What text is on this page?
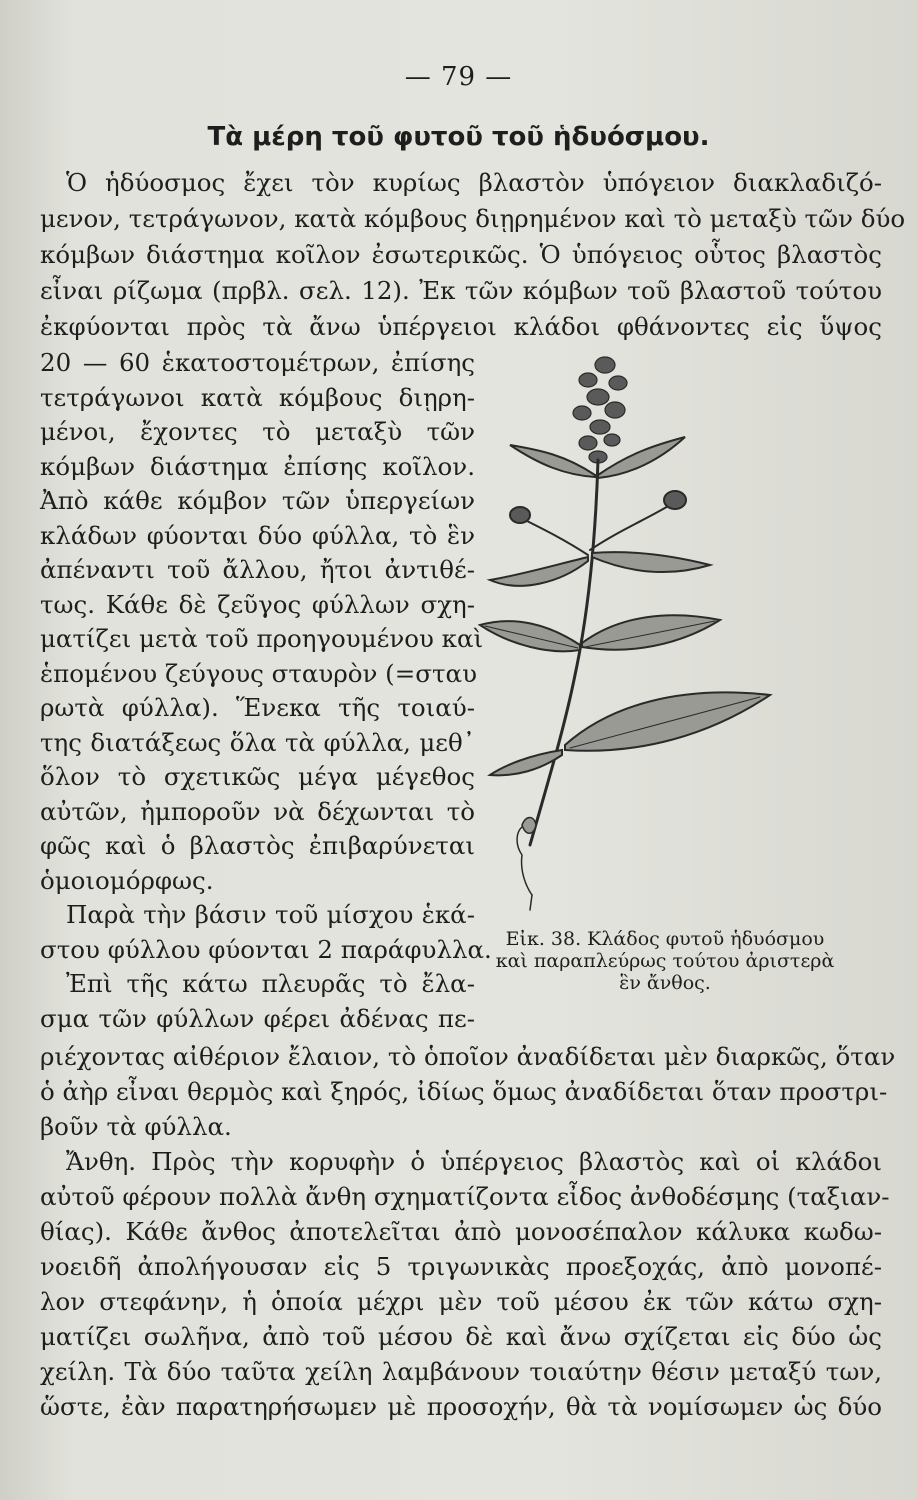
— 79 —
Τὰ μέρη τοῦ φυτοῦ τοῦ ἡδυόσμου.
Ὁ ἡδύοσμος ἔχει τὸν κυρίως βλαστὸν ὑπόγειον διακλαδιζό-
μενον, τετράγωνον, κατὰ κόμβους διῃρημένον καὶ τὸ μεταξὺ τῶν δύο
κόμβων διάστημα κοῖλον ἐσωτερικῶς. Ὁ ὑπόγειος οὗτος βλαστὸς
εἶναι ρίζωμα (πρβλ. σελ. 12). Ἐκ τῶν κόμβων τοῦ βλαστοῦ τούτου
ἐκφύονται πρὸς τὰ ἄνω ὑπέργειοι κλάδοι φθάνοντες εἰς ὕψος
20 — 60 ἑκατοστομέτρων, ἐπίσης
τετράγωνοι κατὰ κόμβους διῃρη-
μένοι, ἔχοντες τὸ μεταξὺ τῶν
κόμβων διάστημα ἐπίσης κοῖλον.
Ἀπὸ κάθε κόμβον τῶν ὑπεργείων
κλάδων φύονται δύο φύλλα, τὸ ἓν
ἀπέναντι τοῦ ἄλλου, ἤτοι ἀντιθέ-
τως. Κάθε δὲ ζεῦγος φύλλων σχη-
ματίζει μετὰ τοῦ προηγουμένου καὶ
ἑπομένου ζεύγους σταυρὸν (=σταυ
ρωτὰ φύλλα). Ἕνεκα τῆς τοιαύ-
της διατάξεως ὅλα τὰ φύλλα, μεθ᾽
ὅλον τὸ σχετικῶς μέγα μέγεθος
αὐτῶν, ἠμποροῦν νὰ δέχωνται τὸ
φῶς καὶ ὁ βλαστὸς ἐπιβαρύνεται
ὁμοιομόρφως.
Παρὰ τὴν βάσιν τοῦ μίσχου ἑκά-
στου φύλλου φύονται 2 παράφυλλα.
Ἐπὶ τῆς κάτω πλευρᾶς τὸ ἔλα-
σμα τῶν φύλλων φέρει ἀδένας πε-
ριέχοντας αἰθέριον ἔλαιον, τὸ ὁποῖον ἀναδίδεται μὲν διαρκῶς, ὅταν
ὁ ἀὴρ εἶναι θερμὸς καὶ ξηρός, ἰδίως ὅμως ἀναδίδεται ὅταν προστρι-
βοῦν τὰ φύλλα.
Ἄνθη. Πρὸς τὴν κορυφὴν ὁ ὑπέργειος βλαστὸς καὶ οἱ κλάδοι
αὐτοῦ φέρουν πολλὰ ἄνθη σχηματίζοντα εἶδος ἀνθοδέσμης (ταξιαν-
θίας). Κάθε ἄνθος ἀποτελεῖται ἀπὸ μονοσέπαλον κάλυκα κωδω-
νοειδῆ ἀπολήγουσαν εἰς 5 τριγωνικὰς προεξοχάς, ἀπὸ μονοπέ-
λον στεφάνην, ἡ ὁποία μέχρι μὲν τοῦ μέσου ἐκ τῶν κάτω σχη-
ματίζει σωλῆνα, ἀπὸ τοῦ μέσου δὲ καὶ ἄνω σχίζεται εἰς δύο ὡς
χείλη. Τὰ δύο ταῦτα χείλη λαμβάνουν τοιαύτην θέσιν μεταξύ των,
ὥστε, ἐὰν παρατηρήσωμεν μὲ προσοχήν, θὰ τὰ νομίσωμεν ὡς δύο
Εἰκ. 38. Κλάδος φυτοῦ ἡδυόσμου
καὶ παραπλεύρως τούτου ἀριστερὰ
ἓν ἄνθος.
